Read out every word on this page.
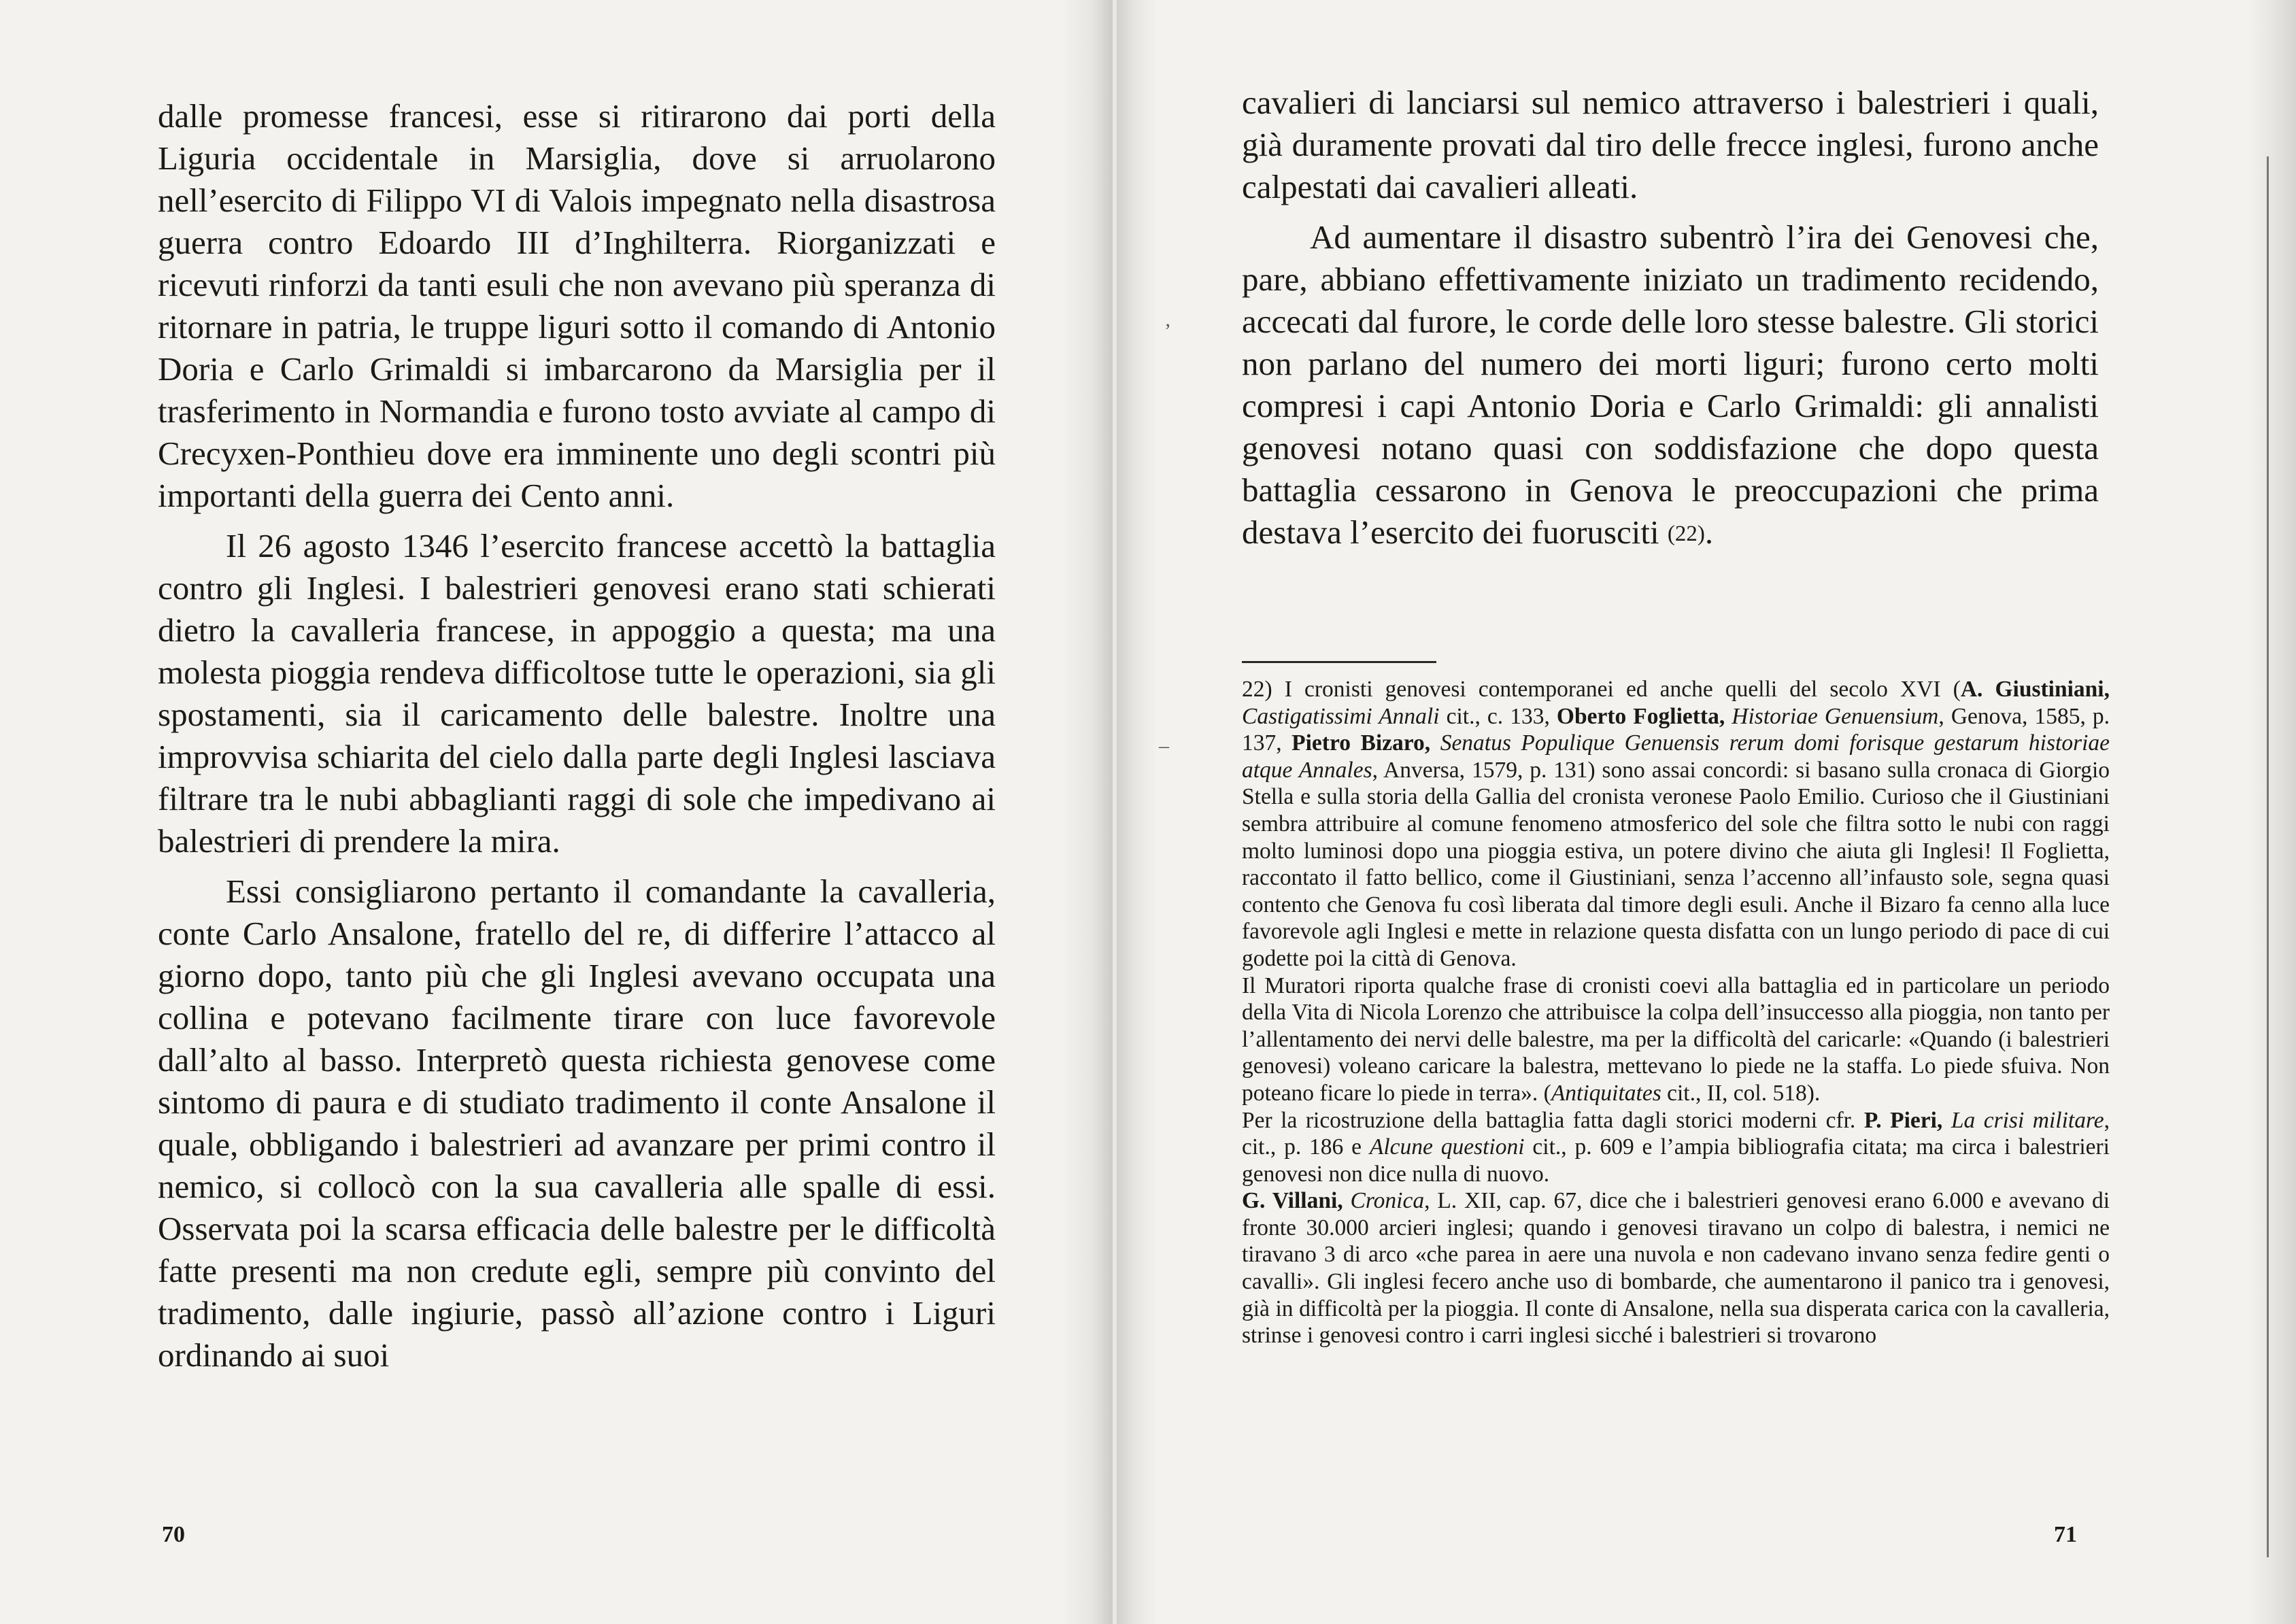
dalle promesse francesi, esse si ritirarono dai porti della Liguria occidentale in Marsiglia, dove si arruolarono nell’esercito di Filippo VI di Valois impegnato nella disastrosa guerra contro Edoardo III d’Inghilterra. Riorganizzati e ricevuti rinforzi da tanti esuli che non avevano più speranza di ritornare in patria, le truppe liguri sotto il comando di Antonio Doria e Carlo Grimaldi si imbarcarono da Marsiglia per il trasferimento in Normandia e furono tosto avviate al campo di Crecyxen-Ponthieu dove era imminente uno degli scontri più importanti della guerra dei Cento anni.

Il 26 agosto 1346 l’esercito francese accettò la battaglia contro gli Inglesi. I balestrieri genovesi erano stati schierati dietro la cavalleria francese, in appoggio a questa; ma una molesta pioggia rendeva difficoltose tutte le operazioni, sia gli spostamenti, sia il caricamento delle balestre. Inoltre una improvvisa schiarita del cielo dalla parte degli Inglesi lasciava filtrare tra le nubi abbaglianti raggi di sole che impedivano ai balestrieri di prendere la mira.

Essi consigliarono pertanto il comandante la cavalleria, conte Carlo Ansalone, fratello del re, di differire l’attacco al giorno dopo, tanto più che gli Inglesi avevano occupata una collina e potevano facilmente tirare con luce favorevole dall’alto al basso. Interpretò questa richiesta genovese come sintomo di paura e di studiato tradimento il conte Ansalone il quale, obbligando i balestrieri ad avanzare per primi contro il nemico, si collocò con la sua cavalleria alle spalle di essi. Osservata poi la scarsa efficacia delle balestre per le difficoltà fatte presenti ma non credute egli, sempre più convinto del tradimento, dalle ingiurie, passò all’azione contro i Liguri ordinando ai suoi

70
’
–

cavalieri di lanciarsi sul nemico attraverso i balestrieri i quali, già duramente provati dal tiro delle frecce inglesi, furono anche calpestati dai cavalieri alleati.

Ad aumentare il disastro subentrò l’ira dei Genovesi che, pare, abbiano effettivamente iniziato un tradimento recidendo, accecati dal furore, le corde delle loro stesse balestre. Gli storici non parlano del numero dei morti liguri; furono certo molti compresi i capi Antonio Doria e Carlo Grimaldi: gli annalisti genovesi notano quasi con soddisfazione che dopo questa battaglia cessarono in Genova le preoccupazioni che prima destava l’esercito dei fuorusciti (22).

22) I cronisti genovesi contemporanei ed anche quelli del secolo XVI (A. Giustiniani, Castigatissimi Annali cit., c. 133, Oberto Foglietta, Historiae Genuensium, Genova, 1585, p. 137, Pietro Bizaro, Senatus Populique Genuensis rerum domi forisque gestarum historiae atque Annales, Anversa, 1579, p. 131) sono assai concordi: si basano sulla cronaca di Giorgio Stella e sulla storia della Gallia del cronista veronese Paolo Emilio. Curioso che il Giustiniani sembra attribuire al comune fenomeno atmosferico del sole che filtra sotto le nubi con raggi molto luminosi dopo una pioggia estiva, un potere divino che aiuta gli Inglesi! Il Foglietta, raccontato il fatto bellico, come il Giustiniani, senza l’accenno all’infausto sole, segna quasi contento che Genova fu così liberata dal timore degli esuli. Anche il Bizaro fa cenno alla luce favorevole agli Inglesi e mette in relazione questa disfatta con un lungo periodo di pace di cui godette poi la città di Genova.

Il Muratori riporta qualche frase di cronisti coevi alla battaglia ed in particolare un periodo della Vita di Nicola Lorenzo che attribuisce la colpa dell’insuccesso alla pioggia, non tanto per l’allentamento dei nervi delle balestre, ma per la difficoltà del caricarle: «Quando (i balestrieri genovesi) voleano caricare la balestra, mettevano lo piede ne la staffa. Lo piede sfuiva. Non poteano ficare lo piede in terra». (Antiquitates cit., II, col. 518).

Per la ricostruzione della battaglia fatta dagli storici moderni cfr. P. Pieri, La crisi militare, cit., p. 186 e Alcune questioni cit., p. 609 e l’ampia bibliografia citata; ma circa i balestrieri genovesi non dice nulla di nuovo.

G. Villani, Cronica, L. XII, cap. 67, dice che i balestrieri genovesi erano 6.000 e avevano di fronte 30.000 arcieri inglesi; quando i genovesi tiravano un colpo di balestra, i nemici ne tiravano 3 di arco «che parea in aere una nuvola e non cadevano invano senza fedire genti o cavalli». Gli inglesi fecero anche uso di bombarde, che aumentarono il panico tra i genovesi, già in difficoltà per la pioggia. Il conte di Ansalone, nella sua disperata carica con la cavalleria, strinse i genovesi contro i carri inglesi sicché i balestrieri si trovarono

71
